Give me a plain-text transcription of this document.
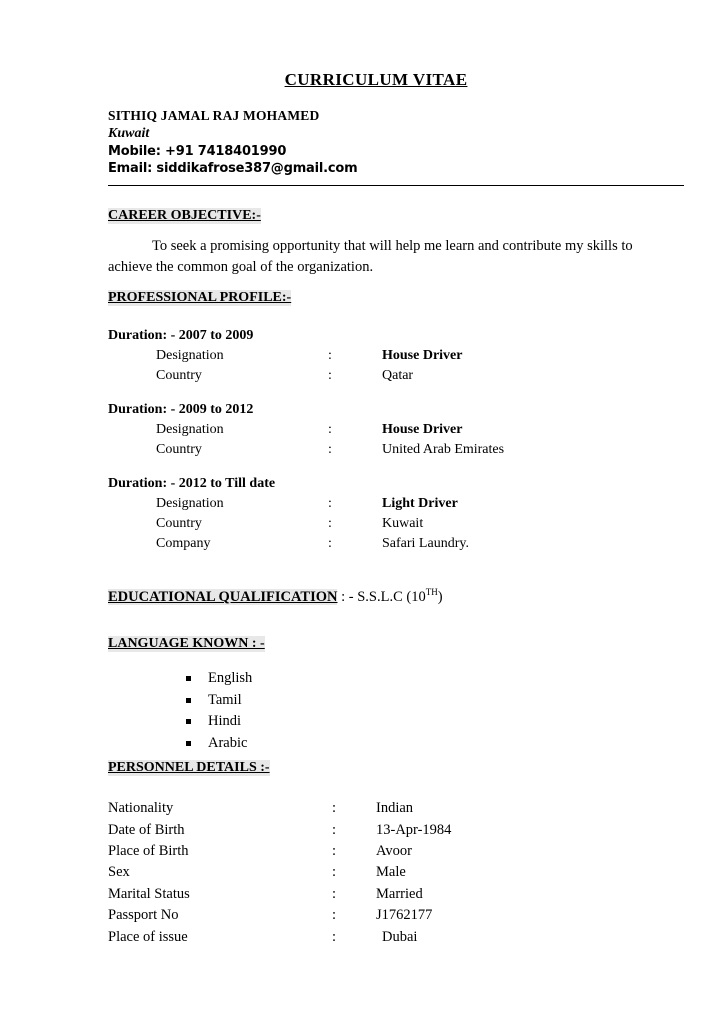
CURRICULUM VITAE
SITHIQ JAMAL RAJ MOHAMED
Kuwait
Mobile: +91 7418401990
Email: siddikafrose387@gmail.com
CAREER OBJECTIVE:-

To seek a promising opportunity that will help me learn and contribute my skills to achieve the common goal of the organization.

PROFESSIONAL PROFILE:-
Duration: - 2007 to 2009
Designation	:	House Driver
Country	:	Qatar
Duration: - 2009 to 2012
Designation	:	House Driver
Country	:	United Arab Emirates
Duration: - 2012 to Till date
Designation	:	Light Driver
Country	:	Kuwait
Company	:	Safari Laundry.
EDUCATIONAL QUALIFICATION : - S.S.L.C (10TH)
LANGUAGE KNOWN : -
English
Tamil
Hindi
Arabic
PERSONNEL DETAILS :-
Nationality	:	Indian
Date of Birth	:	13-Apr-1984
Place of Birth	:	Avoor
Sex	:	Male
Marital Status	:	Married
Passport No	:	J1762177
Place of issue	:	Dubai
